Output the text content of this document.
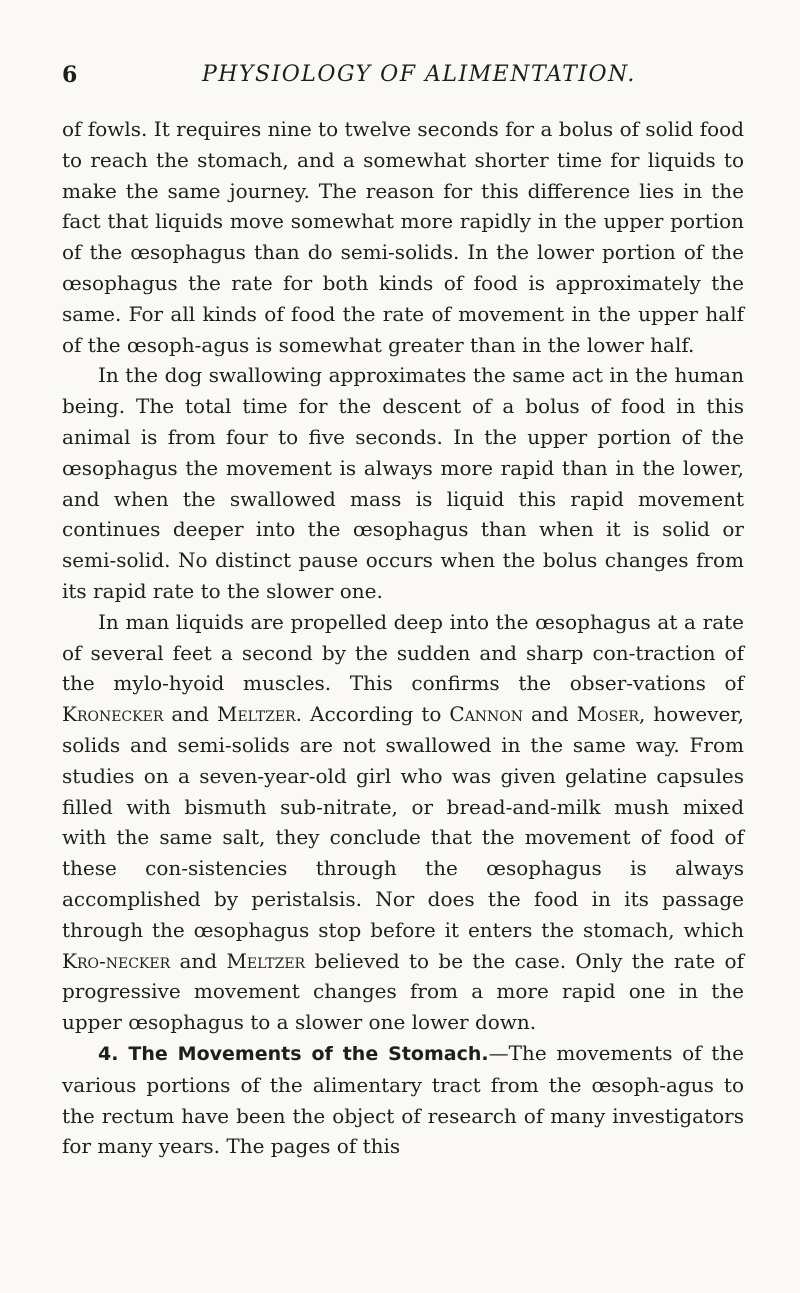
6	PHYSIOLOGY OF ALIMENTATION.

of fowls. It requires nine to twelve seconds for a bolus of solid food to reach the stomach, and a somewhat shorter time for liquids to make the same journey. The reason for this difference lies in the fact that liquids move somewhat more rapidly in the upper portion of the œsophagus than do semi-solids. In the lower portion of the œsophagus the rate for both kinds of food is approximately the same. For all kinds of food the rate of movement in the upper half of the œsoph-agus is somewhat greater than in the lower half.

In the dog swallowing approximates the same act in the human being. The total time for the descent of a bolus of food in this animal is from four to five seconds. In the upper portion of the œsophagus the movement is always more rapid than in the lower, and when the swallowed mass is liquid this rapid movement continues deeper into the œsophagus than when it is solid or semi-solid. No distinct pause occurs when the bolus changes from its rapid rate to the slower one.

In man liquids are propelled deep into the œsophagus at a rate of several feet a second by the sudden and sharp con-traction of the mylo-hyoid muscles. This confirms the obser-vations of Kronecker and Meltzer. According to Cannon and Moser, however, solids and semi-solids are not swallowed in the same way. From studies on a seven-year-old girl who was given gelatine capsules filled with bismuth sub-nitrate, or bread-and-milk mush mixed with the same salt, they conclude that the movement of food of these con-sistencies through the œsophagus is always accomplished by peristalsis. Nor does the food in its passage through the œsophagus stop before it enters the stomach, which Kro-necker and Meltzer believed to be the case. Only the rate of progressive movement changes from a more rapid one in the upper œsophagus to a slower one lower down.

4. The Movements of the Stomach.—The movements of the various portions of the alimentary tract from the œsoph-agus to the rectum have been the object of research of many investigators for many years. The pages of this
